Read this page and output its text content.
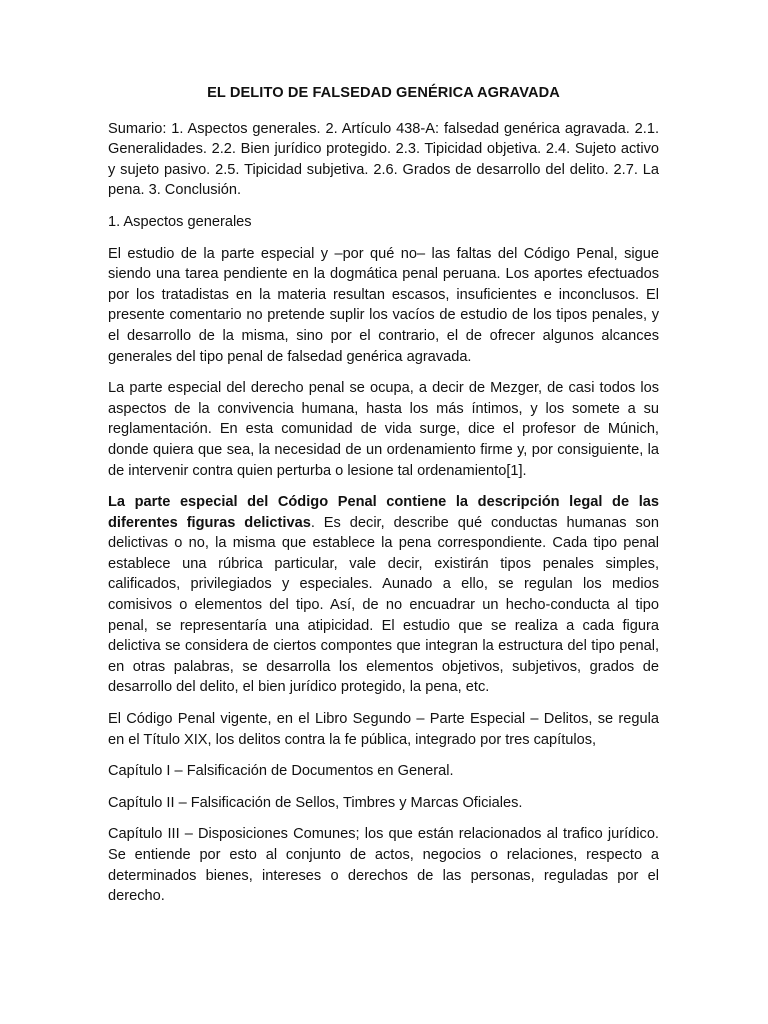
EL DELITO DE FALSEDAD GENÉRICA AGRAVADA

Sumario: 1. Aspectos generales. 2. Artículo 438-A: falsedad genérica agravada. 2.1. Generalidades. 2.2. Bien jurídico protegido. 2.3. Tipicidad objetiva. 2.4. Sujeto activo y sujeto pasivo. 2.5. Tipicidad subjetiva. 2.6. Grados de desarrollo del delito. 2.7. La pena. 3. Conclusión.

1. Aspectos generales

El estudio de la parte especial y –por qué no– las faltas del Código Penal, sigue siendo una tarea pendiente en la dogmática penal peruana. Los aportes efectuados por los tratadistas en la materia resultan escasos, insuficientes e inconclusos. El presente comentario no pretende suplir los vacíos de estudio de los tipos penales, y el desarrollo de la misma, sino por el contrario, el de ofrecer algunos alcances generales del tipo penal de falsedad genérica agravada.

La parte especial del derecho penal se ocupa, a decir de Mezger, de casi todos los aspectos de la convivencia humana, hasta los más íntimos, y los somete a su reglamentación. En esta comunidad de vida surge, dice el profesor de Múnich, donde quiera que sea, la necesidad de un ordenamiento firme y, por consiguiente, la de intervenir contra quien perturba o lesione tal ordenamiento[1].

La parte especial del Código Penal contiene la descripción legal de las diferentes figuras delictivas. Es decir, describe qué conductas humanas son delictivas o no, la misma que establece la pena correspondiente. Cada tipo penal establece una rúbrica particular, vale decir, existirán tipos penales simples, calificados, privilegiados y especiales. Aunado a ello, se regulan los medios comisivos o elementos del tipo. Así, de no encuadrar un hecho-conducta al tipo penal, se representaría una atipicidad. El estudio que se realiza a cada figura delictiva se considera de ciertos compontes que integran la estructura del tipo penal, en otras palabras, se desarrolla los elementos objetivos, subjetivos, grados de desarrollo del delito, el bien jurídico protegido, la pena, etc.

El Código Penal vigente, en el Libro Segundo – Parte Especial – Delitos, se regula en el Título XIX, los delitos contra la fe pública, integrado por tres capítulos,

Capítulo I – Falsificación de Documentos en General.

Capítulo II – Falsificación de Sellos, Timbres y Marcas Oficiales.

Capítulo III – Disposiciones Comunes; los que están relacionados al trafico jurídico. Se entiende por esto al conjunto de actos, negocios o relaciones, respecto a determinados bienes, intereses o derechos de las personas, reguladas por el derecho.
